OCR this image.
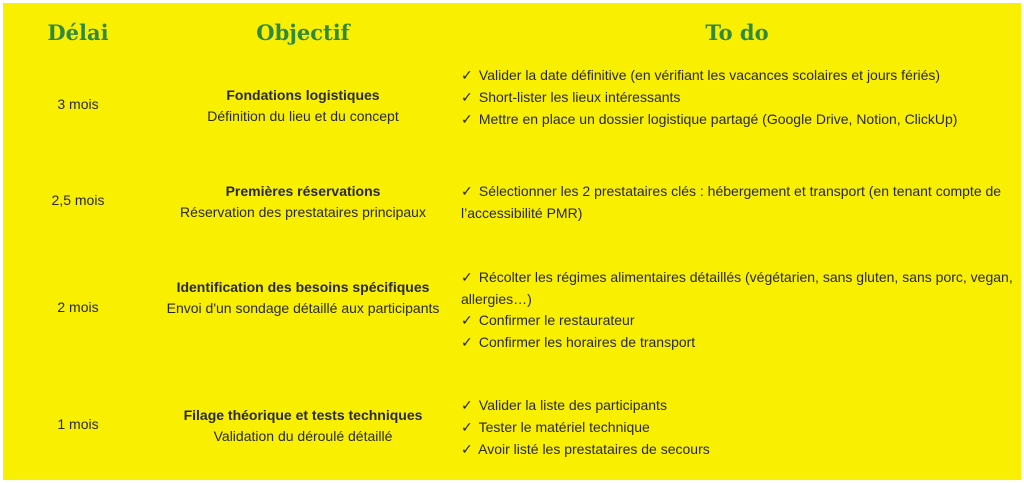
Délai	Objectif	To do
3 mois
Fondations logistiques
Définition du lieu et du concept

✓ Valider la date définitive (en vérifiant les vacances scolaires et jours fériés)

✓ Short-lister les lieux intéressants

✓ Mettre en place un dossier logistique partagé (Google Drive, Notion, ClickUp)

2,5 mois
Premières réservations
Réservation des prestataires principaux

✓ Sélectionner les 2 prestataires clés : hébergement et transport (en tenant compte de l’accessibilité PMR)

2 mois
Identification des besoins spécifiques
Envoi d'un sondage détaillé aux participants

✓ Récolter les régimes alimentaires détaillés (végétarien, sans gluten, sans porc, vegan, allergies…)

✓ Confirmer le restaurateur

✓ Confirmer les horaires de transport

1 mois
Filage théorique et tests techniques
Validation du déroulé détaillé

✓ Valider la liste des participants

✓ Tester le matériel technique

✓ Avoir listé les prestataires de secours
